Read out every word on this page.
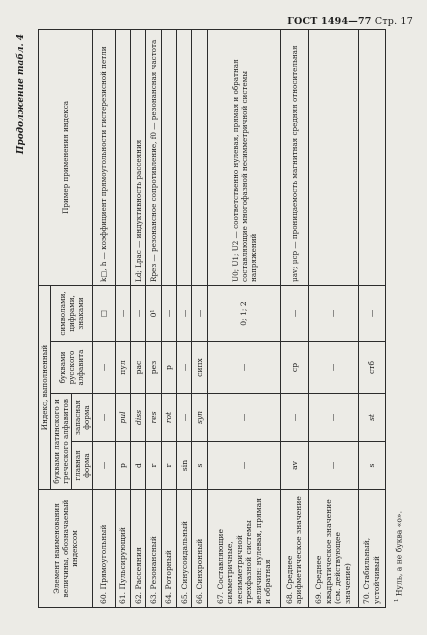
ГОСТ 1494—77 Стр. 17
Продолжение табл. 4
Элемент наименования величины, обозначаемый индексом	Индекс, выполненный				Пример применения индекса
	буквами латинского и греческого алфавитов		буквами русского алфавита	символами, цифрами, знаками	
	главная форма	запасная форма			
60. Прямоугольный	—	—	—	□	k□, h — коэффициент прямоугольности гистерезисной петли
61. Пульсирующий	p	pul	пул	—	
62. Рассеяния	d	diss	рас	—	Ld; Lрас — индуктивность рассеяния
63. Резонансный	r	res	рез	0¹	Rрез — резонансное сопротивление, f0 — резонансная частота
64. Роторный	r	rot	р	—	
65. Синусоидальный	sin	—	—	—	
66. Синхронный	s	syn	сипх	—	
67. Составляющие симметричные, несимметричной трехфазной системы величин: нулевая, прямая и обратная	—	—	—	0; 1; 2	U0; U1; U2 — соответственно нулевая, прямая и обратная составляющие многофазной несимметричной системы напряжений
68. Среднее арифметическое значение	av	—	ср	—	μav; μср — проницаемость магнитная средняя относительная
69. Среднее квадратическое значение (см. действующее значение)	—	—	—	—	
70. Стабильный, устойчивый	s	st	стб	—	
$^1$ Нуль, а не буква «о».
